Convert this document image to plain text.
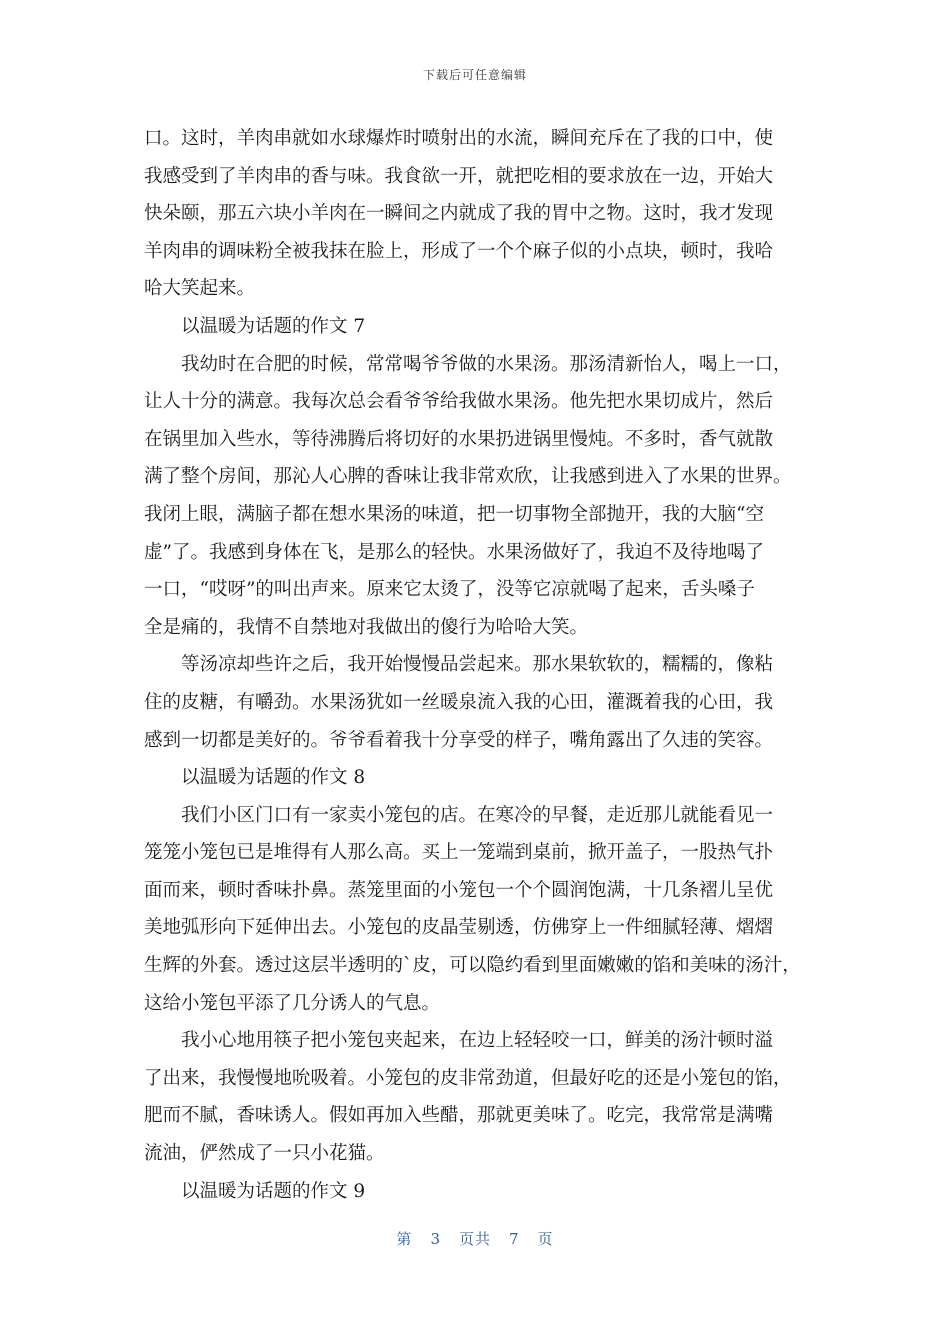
下载后可任意编辑
口。这时，羊肉串就如水球爆炸时喷射出的水流，瞬间充斥在了我的口中，使
我感受到了羊肉串的香与味。我食欲一开，就把吃相的要求放在一边，开始大
快朵颐，那五六块小羊肉在一瞬间之内就成了我的胃中之物。这时，我才发现
羊肉串的调味粉全被我抹在脸上，形成了一个个麻子似的小点块，顿时，我哈
哈大笑起来。
以温暖为话题的作文 7
我幼时在合肥的时候，常常喝爷爷做的水果汤。那汤清新怡人，喝上一口，
让人十分的满意。我每次总会看爷爷给我做水果汤。他先把水果切成片，然后
在锅里加入些水，等待沸腾后将切好的水果扔进锅里慢炖。不多时，香气就散
满了整个房间，那沁人心脾的香味让我非常欢欣，让我感到进入了水果的世界。
我闭上眼，满脑子都在想水果汤的味道，把一切事物全部抛开，我的大脑“空
虚”了。我感到身体在飞，是那么的轻快。水果汤做好了，我迫不及待地喝了
一口，“哎呀”的叫出声来。原来它太烫了，没等它凉就喝了起来，舌头嗓子
全是痛的，我情不自禁地对我做出的傻行为哈哈大笑。
等汤凉却些许之后，我开始慢慢品尝起来。那水果软软的，糯糯的，像粘
住的皮糖，有嚼劲。水果汤犹如一丝暖泉流入我的心田，灌溉着我的心田，我
感到一切都是美好的。爷爷看着我十分享受的样子，嘴角露出了久违的笑容。
以温暖为话题的作文 8
我们小区门口有一家卖小笼包的店。在寒冷的早餐，走近那儿就能看见一
笼笼小笼包已是堆得有人那么高。买上一笼端到桌前，掀开盖子，一股热气扑
面而来，顿时香味扑鼻。蒸笼里面的小笼包一个个圆润饱满，十几条褶儿呈优
美地弧形向下延伸出去。小笼包的皮晶莹剔透，仿佛穿上一件细腻轻薄、熠熠
生辉的外套。透过这层半透明的`皮，可以隐约看到里面嫩嫩的馅和美味的汤汁，
这给小笼包平添了几分诱人的气息。
我小心地用筷子把小笼包夹起来，在边上轻轻咬一口，鲜美的汤汁顿时溢
了出来，我慢慢地吮吸着。小笼包的皮非常劲道，但最好吃的还是小笼包的馅，
肥而不腻，香味诱人。假如再加入些醋，那就更美味了。吃完，我常常是满嘴
流油，俨然成了一只小花猫。
以温暖为话题的作文 9
第 3 页共 7 页
